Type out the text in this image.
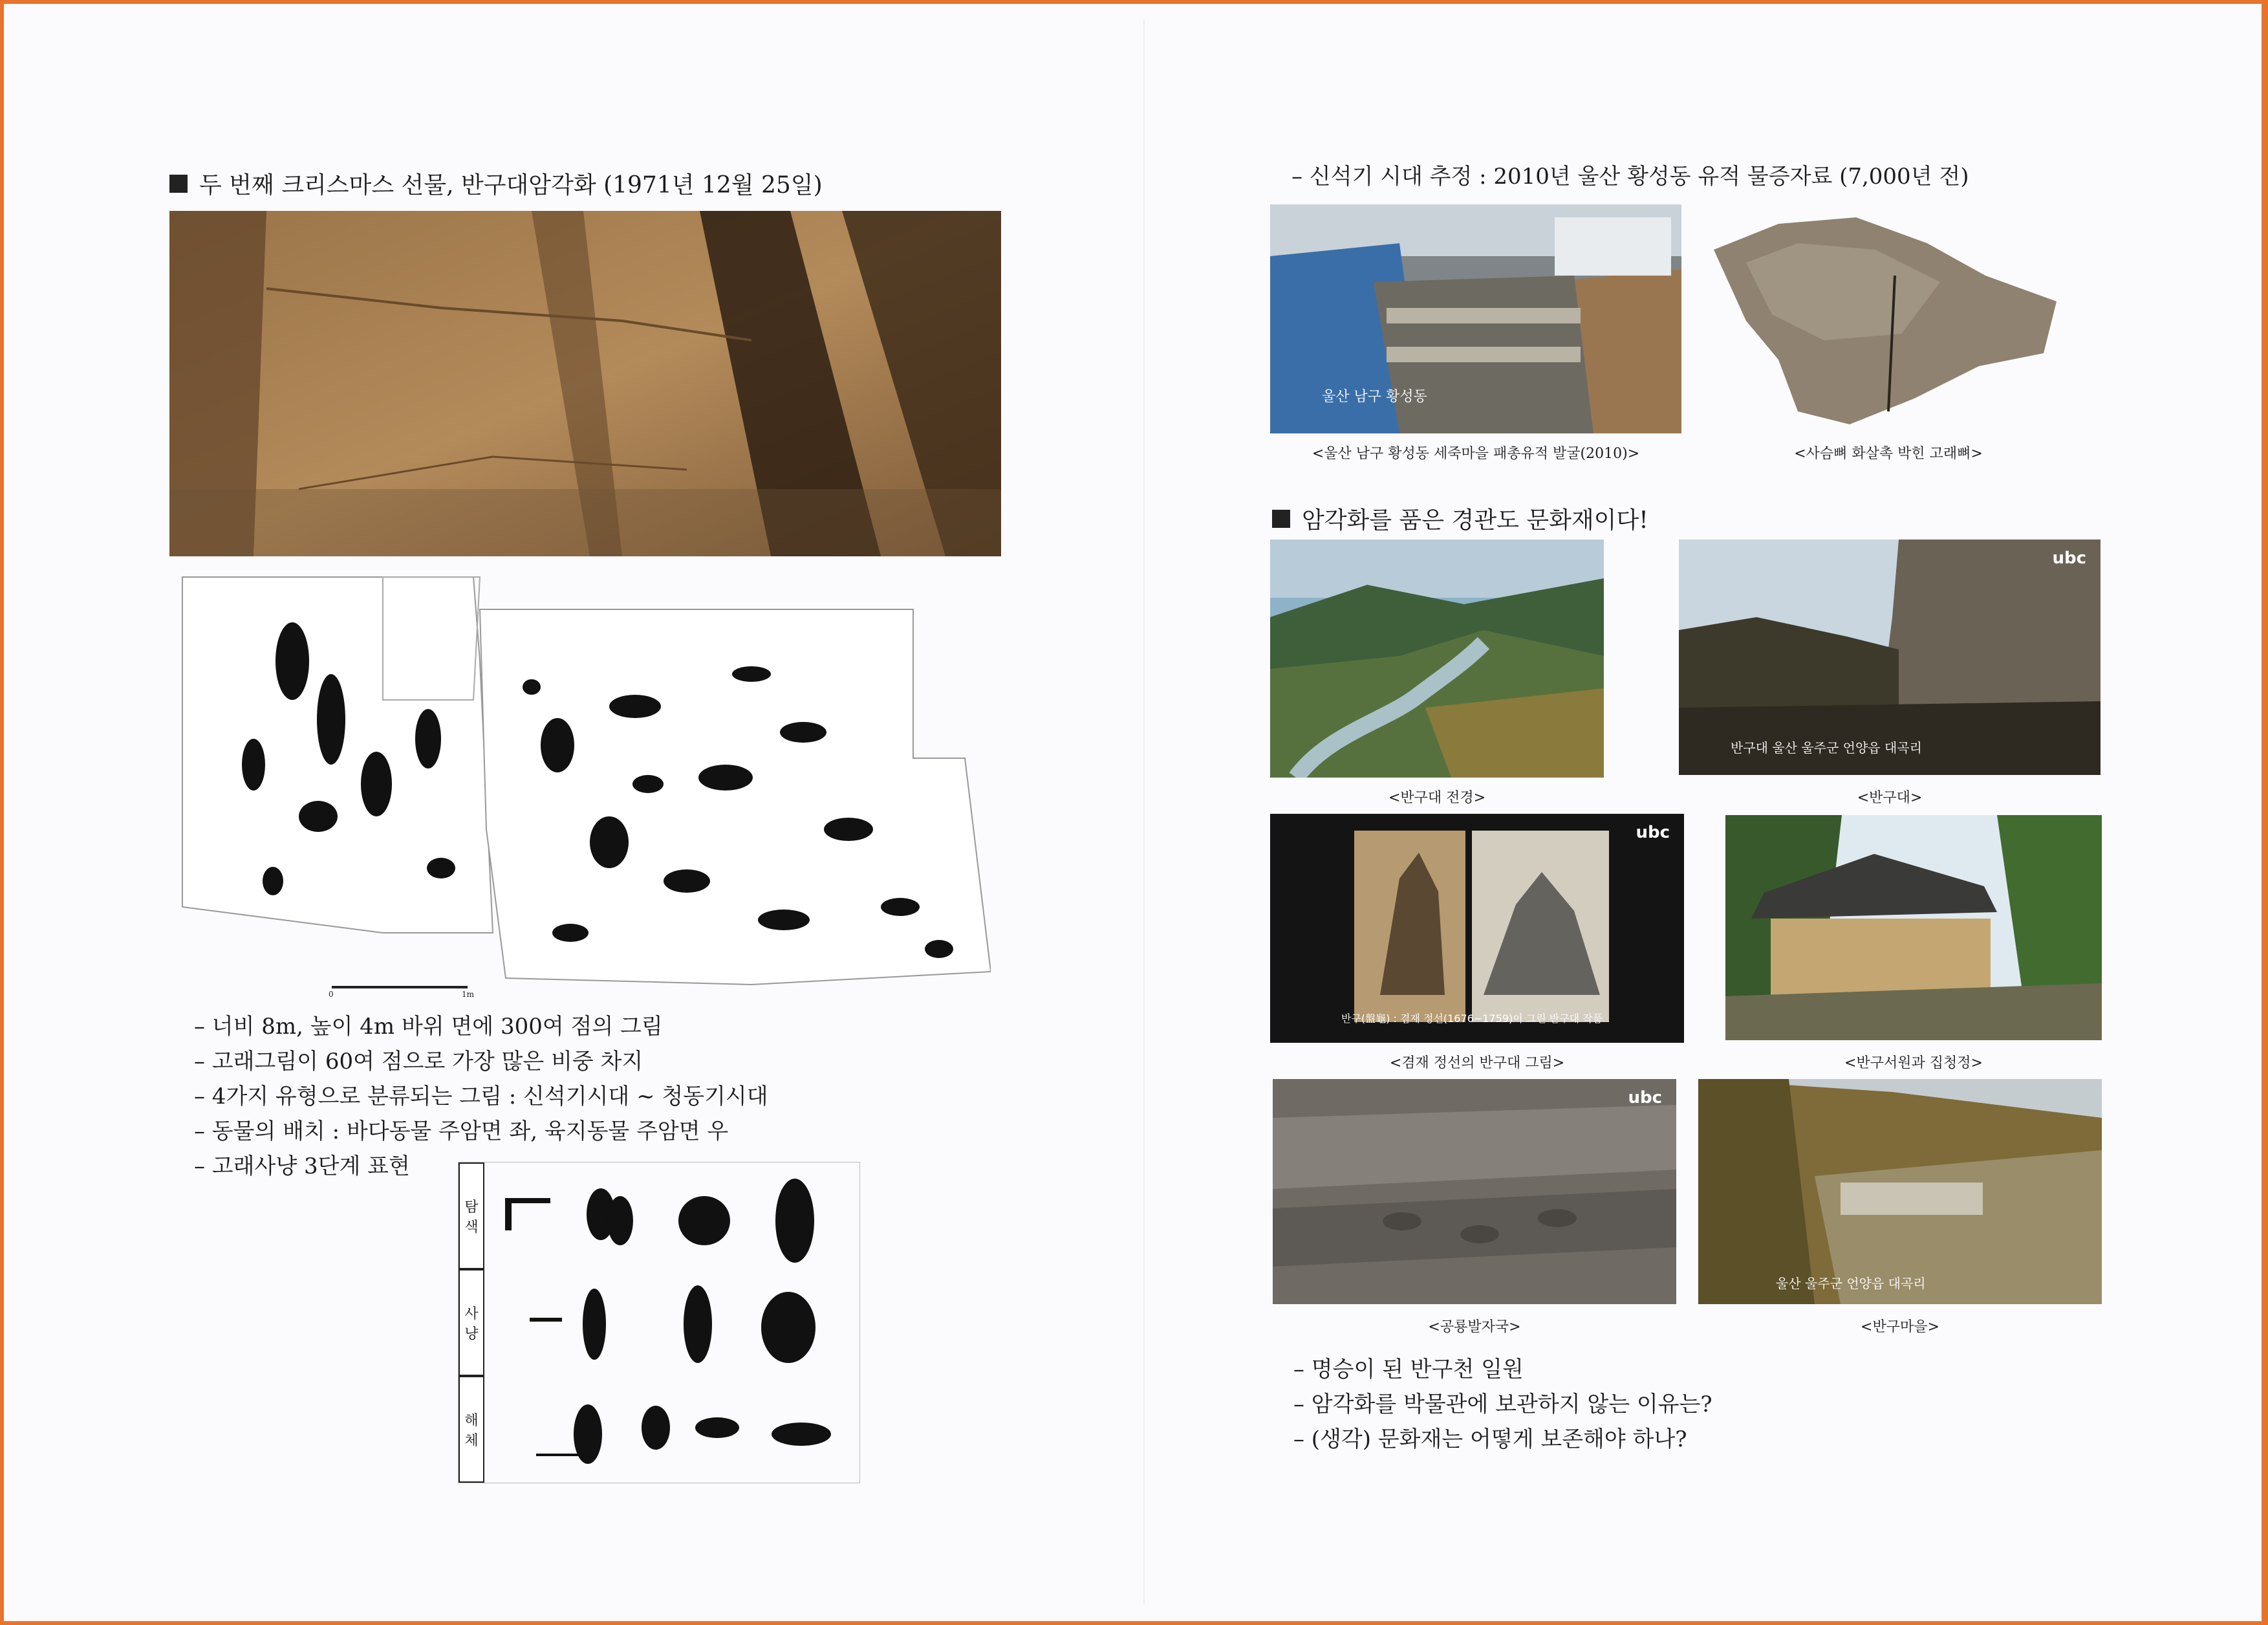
두 번째 크리스마스 선물, 반구대암각화 (1971년 12월 25일)
0	1m
– 너비 8m, 높이 4m 바위 면에 300여 점의 그림
– 고래그림이 60여 점으로 가장 많은 비중 차지
– 4가지 유형으로 분류되는 그림 : 신석기시대 ~ 청동기시대
– 동물의 배치 : 바다동물 주암면 좌, 육지동물 주암면 우
– 고래사냥 3단계 표현
탐색
사냥
해체
– 신석기 시대 추정 : 2010년 울산 황성동 유적 물증자료 (7,000년 전)
울산 남구 황성동
<울산 남구 황성동 세죽마을 패총유적 발굴(2010)>	<사슴뼈 화살촉 박힌 고래뼈>
암각화를 품은 경관도 문화재이다!
<반구대 전경>
ubc
반구대 울산 울주군 언양읍 대곡리
<반구대>
ubc
반구(盤龜) : 겸재 정선(1676~1759)이 그린 반구대 작품
<겸재 정선의 반구대 그림>	<반구서원과 집청정>
ubc
<공룡발자국>
울산 울주군 언양읍 대곡리
<반구마을>
– 명승이 된 반구천 일원
– 암각화를 박물관에 보관하지 않는 이유는?
– (생각) 문화재는 어떻게 보존해야 하나?
